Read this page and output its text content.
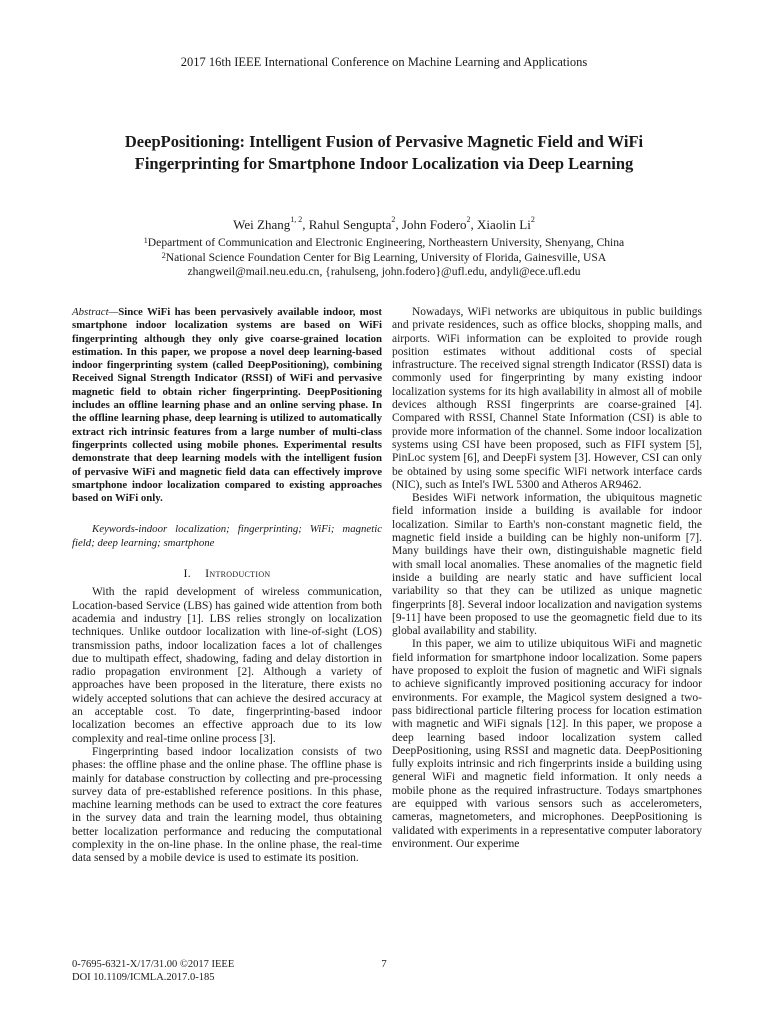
2017 16th IEEE International Conference on Machine Learning and Applications
DeepPositioning: Intelligent Fusion of Pervasive Magnetic Field and WiFi
Fingerprinting for Smartphone Indoor Localization via Deep Learning
Wei Zhang$^{1, 2}$, Rahul Sengupta$^2$, John Fodero$^2$, Xiaolin Li$^2$
$^1$Department of Communication and Electronic Engineering, Northeastern University, Shenyang, China
$^2$National Science Foundation Center for Big Learning, University of Florida, Gainesville, USA
zhangweil@mail.neu.edu.cn, {rahulseng, john.fodero}@ufl.edu, andyli@ece.ufl.edu
Abstract—Since WiFi has been pervasively available indoor, most smartphone indoor localization systems are based on WiFi fingerprinting although they only give coarse-grained location estimation. In this paper, we propose a novel deep learning-based indoor fingerprinting system (called DeepPositioning), combining Received Signal Strength Indicator (RSSI) of WiFi and pervasive magnetic field to obtain richer fingerprinting. DeepPositioning includes an offline learning phase and an online serving phase. In the offline learning phase, deep learning is utilized to automatically extract rich intrinsic features from a large number of multi-class fingerprints collected using mobile phones. Experimental results demonstrate that deep learning models with the intelligent fusion of pervasive WiFi and magnetic field data can effectively improve smartphone indoor localization compared to existing approaches based on WiFi only.
Keywords-indoor localization; fingerprinting; WiFi; magnetic field; deep learning; smartphone
I. Introduction

With the rapid development of wireless communication, Location-based Service (LBS) has gained wide attention from both academia and industry [1]. LBS relies strongly on localization techniques. Unlike outdoor localization with line-of-sight (LOS) transmission paths, indoor localization faces a lot of challenges due to multipath effect, shadowing, fading and delay distortion in radio propagation environment [2]. Although a variety of approaches have been proposed in the literature, there exists no widely accepted solutions that can achieve the desired accuracy at an acceptable cost. To date, fingerprinting-based indoor localization becomes an effective approach due to its low complexity and real-time online process [3].

Fingerprinting based indoor localization consists of two phases: the offline phase and the online phase. The offline phase is mainly for database construction by collecting and pre-processing survey data of pre-established reference positions. In this phase, machine learning methods can be used to extract the core features in the survey data and train the learning model, thus obtaining better localization performance and reducing the computational complexity in the on-line phase. In the online phase, the real-time data sensed by a mobile device is used to estimate its position.

Nowadays, WiFi networks are ubiquitous in public buildings and private residences, such as office blocks, shopping malls, and airports. WiFi information can be exploited to provide rough position estimates without additional costs of special infrastructure. The received signal strength Indicator (RSSI) data is commonly used for fingerprinting by many existing indoor localization systems for its high availability in almost all of mobile devices although RSSI fingerprints are coarse-grained [4]. Compared with RSSI, Channel State Information (CSI) is able to provide more information of the channel. Some indoor localization systems using CSI have been proposed, such as FIFI system [5], PinLoc system [6], and DeepFi system [3]. However, CSI can only be obtained by using some specific WiFi network interface cards (NIC), such as Intel's IWL 5300 and Atheros AR9462.

Besides WiFi network information, the ubiquitous magnetic field information inside a building is available for indoor localization. Similar to Earth's non-constant magnetic field, the magnetic field inside a building can be highly non-uniform [7]. Many buildings have their own, distinguishable magnetic field with small local anomalies. These anomalies of the magnetic field inside a building are nearly static and have sufficient local variability so that they can be utilized as unique magnetic fingerprints [8]. Several indoor localization and navigation systems [9-11] have been proposed to use the geomagnetic field due to its global availability and stability.

In this paper, we aim to utilize ubiquitous WiFi and magnetic field information for smartphone indoor localization. Some papers have proposed to exploit the fusion of magnetic and WiFi signals to achieve significantly improved positioning accuracy for indoor environments. For example, the Magicol system designed a two-pass bidirectional particle filtering process for location estimation with magnetic and WiFi signals [12]. In this paper, we propose a deep learning based indoor localization system called DeepPositioning, using RSSI and magnetic data. DeepPositioning fully exploits intrinsic and rich fingerprints inside a building using general WiFi and magnetic field information. It only needs a mobile phone as the required infrastructure. Todays smartphones are equipped with various sensors such as accelerometers, cameras, magnetometers, and microphones. DeepPositioning is validated with experiments in a representative computer laboratory environment. Our experime

0-7695-6321-X/17/31.00 ©2017 IEEE
DOI 10.1109/ICMLA.2017.0-185
7
